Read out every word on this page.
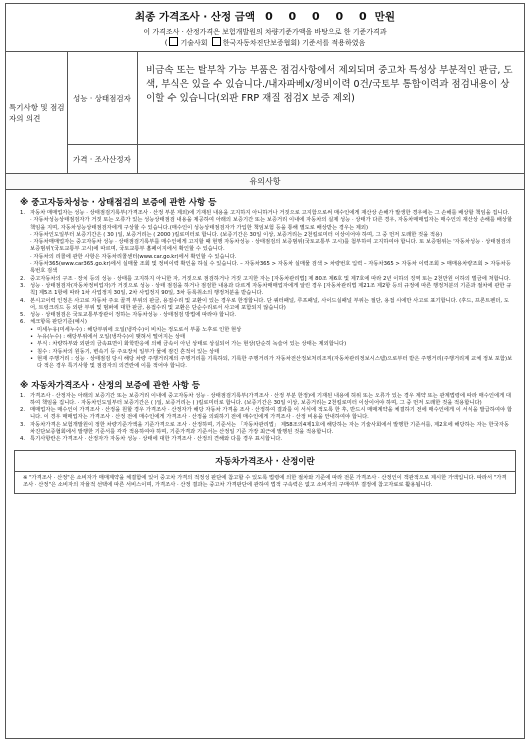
최종 가격조사 · 산정 금액 0 0 0 0 0 만원
이 가격조사 · 산정가격은 보험개발원의 차량기준가액을 바탕으로 한 기준가격과
( 기술사회 한국자동차진단보증협회) 기준서를 적용하였음
특기사항 및 점검자의 의견
성능 · 상태점검자
비금속 또는 탈부착 가능 부품은 점검사항에서 제외되며 중고차 특성상 부분적인 판금, 도색, 부식은 있을 수 있습니다./내자파베x/정비이력 0건/국토부 통합이력과 점검내용이 상이할 수 있습니다(외판 FRP 재질 점검X 보증 제외)
가격 · 조사산정자
유의사항
※ 중고자동차성능 · 상태점검의 보증에 관한 사항 등
1. 자동차 매매업자는 성능 · 상태점검기록부(가격조사 · 산정 부분 제외)에 기재된 내용을 고지하지 아니하거나 거짓으로 고지함으로써 매수인에게 재산상 손해가 발생한 경우에는 그 손해를 배상할 책임을 집니다.
· 자동차성능상태점검자가 거짓 또는 오류가 있는 성능상태점검 내용을 제공하여 아래의 보증기간 또는 보증거리 이내에 자동차의 실제 성능 · 상태가 다른 경우, 자동차매매업자는 매수인의 재산상 손해를 배상할 책임을 지며, 자동차성능상태점검자에게 구상할 수 있습니다.(매수인이 성능상태점검자가 가입한 책임보험 등을 통해 별도로 배상받는 경우는 제외)
· 자동차인도일부터 보증기간은 ( 30 )일, 보증거리는 ( 2000 )킬로미터로 합니다. (보증기간은 30일 이상, 보증거리는 2천킬로미터 이상이어야 하며, 그 중 먼저 도래한 것을 적용)
· 자동차매매업자는 중고자동차 성능 · 상태점검기록부를 매수인에게 고지할 때 현행 자동차성능 · 상태점검의 보증범위(국토교통부 고시)를 첨부하여 고지하여야 합니다. 또 보증범위는 '자동차성능 · 상태점검의 보증범위'(국토교통부 고시)에 따르며, 국토교통부 홈페이지에서 확인할 수 있습니다.
· 자동차의 리콜에 관한 사항은 자동차리콜센터(www.car.go.kr)에서 확인할 수 있습니다.
· 자동차365(www.car365.go.kr)에서 실매물 조회 및 정비이력 확인을 하실 수 있습니다. – 자동차365 > 자동차 실매물 검색 > 차량번호 입력 – 자동차365 > 자동차 이력조회 > 매매용차량조회 > 자동차등록번호 검색
2. 중고자동차의 구조 · 장치 등의 성능 · 상태를 고지하지 아니한 자, 거짓으로 점검하거나 거짓 고지한 자는 [자동차관리법] 제 80조 제6호 및 제7호에 따라 2년 이하의 징역 또는 2천만원 이하의 벌금에 처합니다.
3. 성능 · 상태점검자(자동차정비업자)가 거짓으로 성능 · 상태 점검을 하거나 점검한 내용과 다르게 자동차매매업자에게 알린 경우 [자동차관리법 제21조 제2항 등의 규정에 따른 행정처분의 기준과 절차에 관한 규칙] 제5조 1항에 따라 1차 사업정지 30일, 2차 사업정지 90일, 3차 등록취소의 행정처분을 받습니다.
4. 본시고이력 인정은 사고로 자동차 주요 골격 부위의 판금, 용접수리 및 교환이 있는 경우로 한정합니다. 단 쿼터패널, 루프패널, 사이드실패널 부위는 절단, 용접 시에만 사고로 표기합니다. (후드, 프론트펜더, 도어, 트렁크리드 등 외판 부위 및 범퍼에 대한 판금, 용접수리 및 교환은 단순수리로서 사고에 포함되지 않습니다)
5. 성능 · 상태점검은 국토교통부장관이 정하는 자동차성능 · 상태점검 방법에 따라야 합니다.
6. 체크항목 판단기준(예시)
• 미세누유(미세누수) : 해당부위에 오일(냉각수)이 비치는 정도로서 부품 노후로 인한 현상
• 누유(누수) : 해당부위에서 오일(냉각수)이 맺혀서 떨어지는 상태
• 부식 : 차량하부와 외판의 금속표면이 화학반응에 의해 금속이 아닌 상태로 상실되어 가는 현상(단순히 녹슬어 있는 상태는 제외합니다)
• 침수 : 자동차의 원동기, 변속기 등 주요장치 일부가 물에 잠긴 흔적이 있는 상태
• 현재 주행거리 : 성능 · 상태점검 당시 해당 차량 주행거리계의 주행거리를 기록하되, 기록한 주행거리가 자동차전산정보처리조직(자동차관리정보시스템)으로부터 받은 주행거리(주행거리계 교체 정보 포함)보다 적은 경우 특기사항 및 점검자의 의견란에 이를 적어야 합니다.
※ 자동차가격조사 · 산정의 보증에 관한 사항 등
1. 가격조사 · 산정자는 아래의 보증기간 또는 보증거리 이내에 중고자동차 성능 · 상태점검기록부(가격조사 · 산정 부분 한정)에 기재된 내용에 허위 또는 오류가 있는 경우 계약 또는 관계법령에 따라 매수인에게 대하여 책임을 집니다. · 자동차인도일부터 보증기간은 ( )일, 보증거리는 ( )킬로미터로 합니다. (보증기간은 30일 이상, 보증거리는 2천킬로미터 이상이어야 하며, 그 중 먼저 도래한 것을 적용합니다)
2. 매매업자는 매수인이 가격조사 · 산정을 원할 경우 가격조사 · 산정자가 해당 자동차 가격을 조사 · 산정하여 결과를 이 서식에 적도록 한 후, 반드시 매매계약을 체결하기 전에 매수인에게 이 서식을 발급하여야 합니다. 이 경우 매매업자는 가격조사 · 산정 전에 매수인에게 가격조사 · 산정을 의뢰하기 전에 매수인에게 가격조사 · 산정 비용을 안내하여야 합니다.
3. 자동차가격은 보험개발원이 정한 차량기준가액을 기준가격으로 조사 · 산정하며, 기준서는 「자동차관리법」 제58조의4제1호에 해당하는 자는 기술사회에서 발행한 기준서를, 제2호에 해당하는 자는 한국자동차진단보증협회에서 발행한 기준서를 각각 적용하여야 하며, 기준가격과 기준서는 산정일 기준 가장 최근에 발행된 것을 적용합니다.
4. 특기사항란은 가격조사 · 산정자가 자동차 성능 · 상태에 대한 가격조사 · 산정의 견해와 다를 경우 표시합니다.
자동차가격조사 · 산정이란
※ "가격조사 · 산정"은 소비자가 매매계약을 체결함에 있어 중고차 가격의 적정성 판단에 참고할 수 있도록 법령에 의한 절차와 기준에 따라 전문 가격조사 · 산정인이 객관적으로 제시한 가액입니다. 따라서 "가격조사 · 산정"은 소비자의 자율적 선택에 따른 서비스이며, 가격조사 · 산정 결과는 중고차 가격판단에 관하여 법적 구속력은 없고 소비자의 구매여부 결정에 참고자료로 활용됩니다.
